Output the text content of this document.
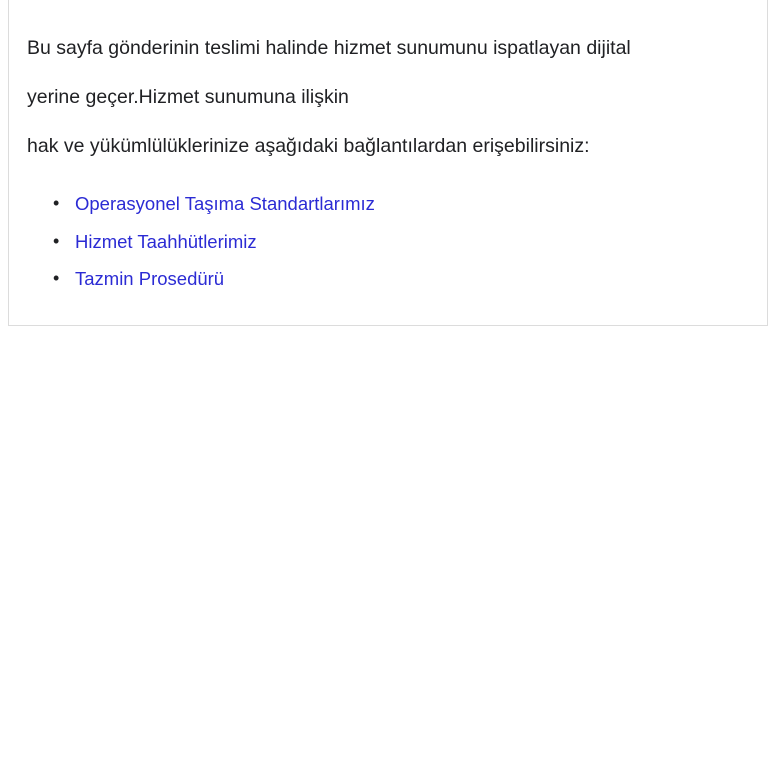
Bu sayfa gönderinin teslimi halinde hizmet sunumunu ispatlayan dijital
yerine geçer.Hizmet sunumuna ilişkin
hak ve yükümlülüklerinize aşağıdaki bağlantılardan erişebilirsiniz:
•
Operasyonel Taşıma Standartlarımız
•
Hizmet Taahhütlerimiz
•
Tazmin Prosedürü
